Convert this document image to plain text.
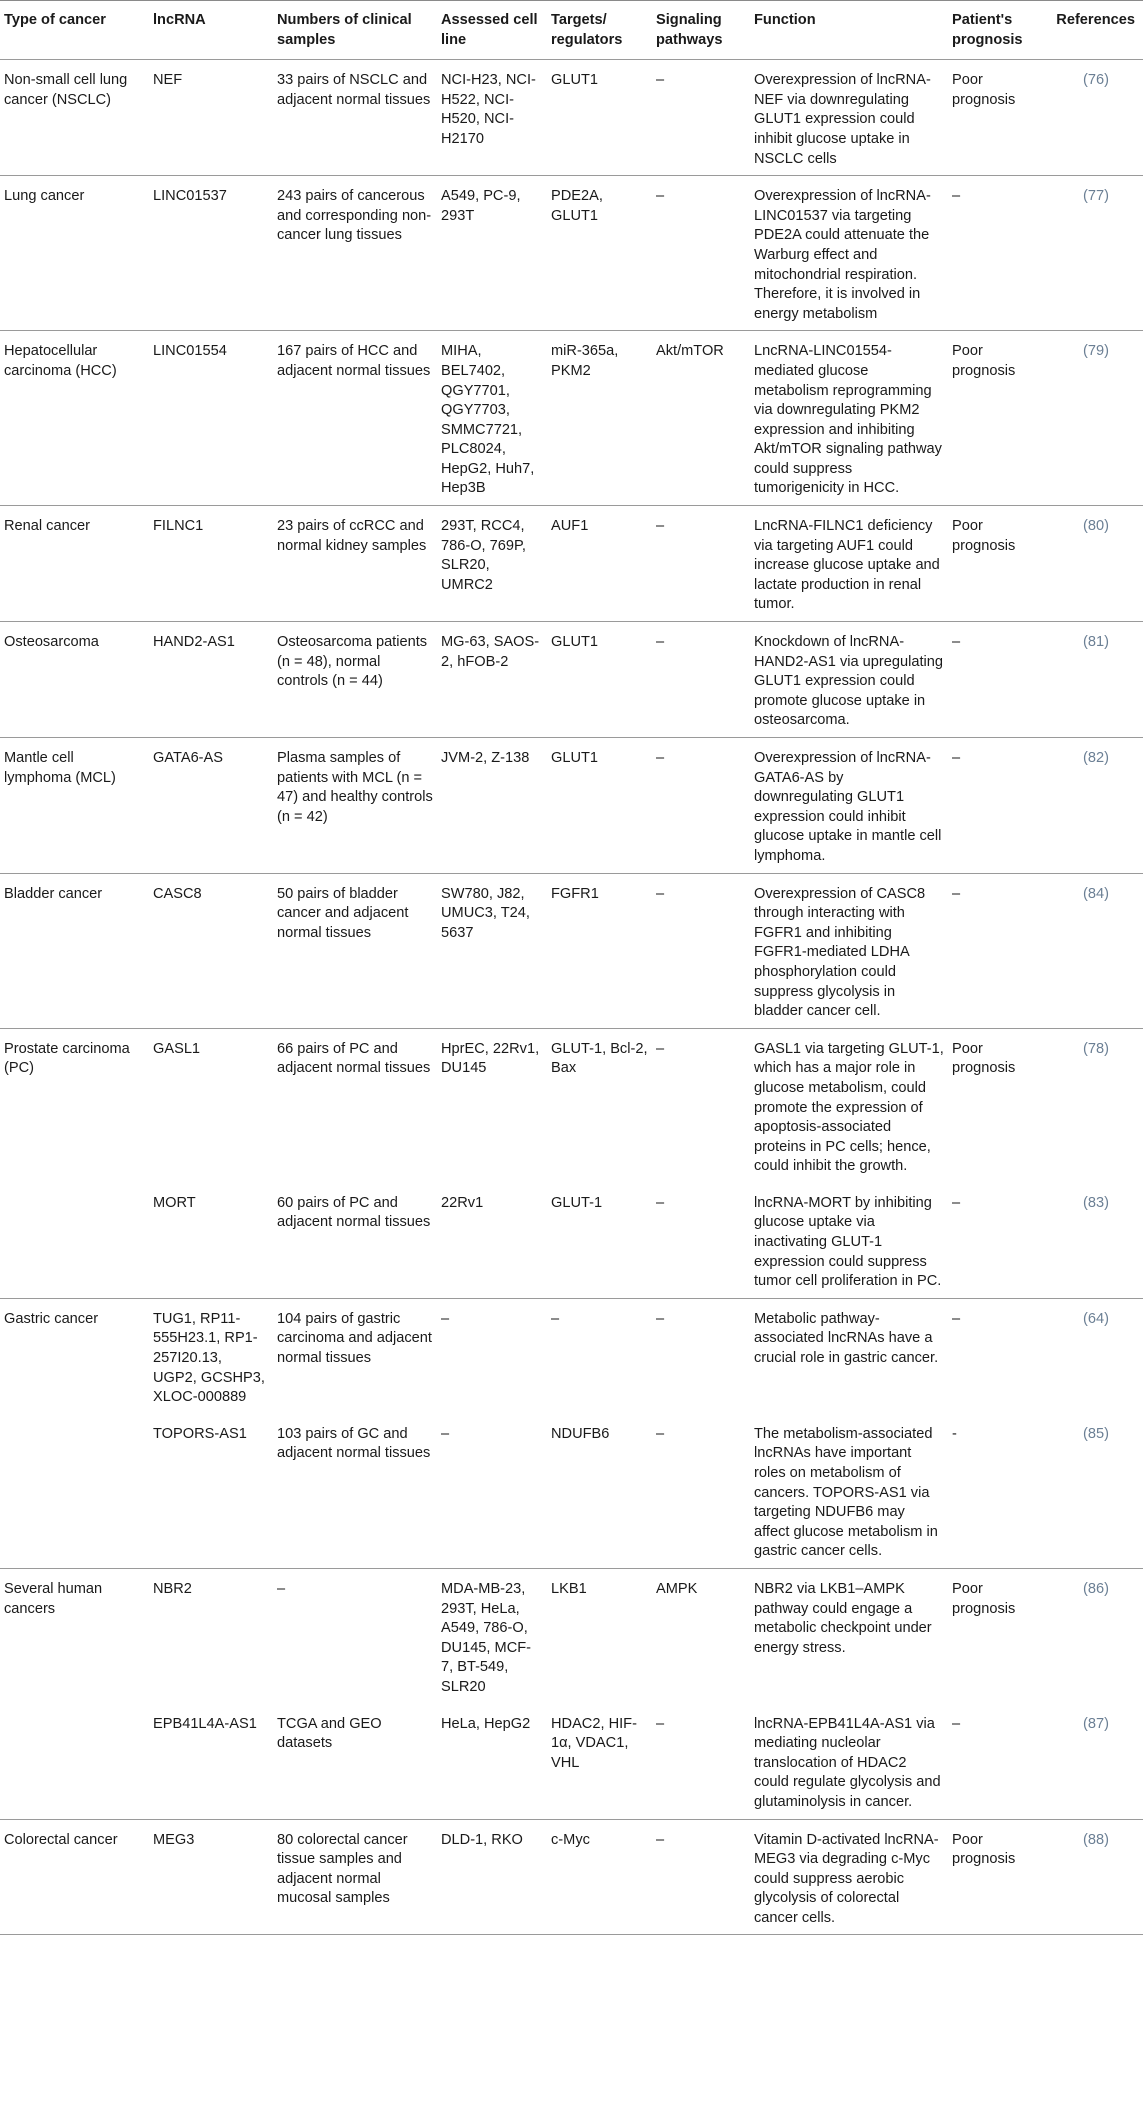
Type of cancer	lncRNA	Numbers of clinical samples	Assessed cell line	Targets/ regulators	Signaling pathways	Function	Patient's prognosis	References
Non-small cell lung cancer (NSCLC)	NEF	33 pairs of NSCLC and adjacent normal tissues	NCI-H23, NCI-H522, NCI-H520, NCI-H2170	GLUT1	–	Overexpression of lncRNA-NEF via downregulating GLUT1 expression could inhibit glucose uptake in NSCLC cells	Poor prognosis	(76)
Lung cancer	LINC01537	243 pairs of cancerous and corresponding non-cancer lung tissues	A549, PC-9, 293T	PDE2A, GLUT1	–	Overexpression of lncRNA-LINC01537 via targeting PDE2A could attenuate the Warburg effect and mitochondrial respiration. Therefore, it is involved in energy metabolism	–	(77)
Hepatocellular carcinoma (HCC)	LINC01554	167 pairs of HCC and adjacent normal tissues	MIHA, BEL7402, QGY7701, QGY7703, SMMC7721, PLC8024, HepG2, Huh7, Hep3B	miR-365a, PKM2	Akt/mTOR	LncRNA-LINC01554-mediated glucose metabolism reprogramming via downregulating PKM2 expression and inhibiting Akt/mTOR signaling pathway could suppress tumorigenicity in HCC.	Poor prognosis	(79)
Renal cancer	FILNC1	23 pairs of ccRCC and normal kidney samples	293T, RCC4, 786-O, 769P, SLR20, UMRC2	AUF1	–	LncRNA-FILNC1 deficiency via targeting AUF1 could increase glucose uptake and lactate production in renal tumor.	Poor prognosis	(80)
Osteosarcoma	HAND2-AS1	Osteosarcoma patients (n = 48), normal controls (n = 44)	MG-63, SAOS-2, hFOB-2	GLUT1	–	Knockdown of lncRNA-HAND2-AS1 via upregulating GLUT1 expression could promote glucose uptake in osteosarcoma.	–	(81)
Mantle cell lymphoma (MCL)	GATA6-AS	Plasma samples of patients with MCL (n = 47) and healthy controls (n = 42)	JVM-2, Z-138	GLUT1	–	Overexpression of lncRNA-GATA6-AS by downregulating GLUT1 expression could inhibit glucose uptake in mantle cell lymphoma.	–	(82)
Bladder cancer	CASC8	50 pairs of bladder cancer and adjacent normal tissues	SW780, J82, UMUC3, T24, 5637	FGFR1	–	Overexpression of CASC8 through interacting with FGFR1 and inhibiting FGFR1-mediated LDHA phosphorylation could suppress glycolysis in bladder cancer cell.	–	(84)
Prostate carcinoma (PC)	GASL1	66 pairs of PC and adjacent normal tissues	HprEC, 22Rv1, DU145	GLUT-1, Bcl-2, Bax	–	GASL1 via targeting GLUT-1, which has a major role in glucose metabolism, could promote the expression of apoptosis-associated proteins in PC cells; hence, could inhibit the growth.	Poor prognosis	(78)
	MORT	60 pairs of PC and adjacent normal tissues	22Rv1	GLUT-1	–	lncRNA-MORT by inhibiting glucose uptake via inactivating GLUT-1 expression could suppress tumor cell proliferation in PC.	–	(83)
Gastric cancer	TUG1, RP11-555H23.1, RP1-257I20.13, UGP2, GCSHP3, XLOC-000889	104 pairs of gastric carcinoma and adjacent normal tissues	–	–	–	Metabolic pathway-associated lncRNAs have a crucial role in gastric cancer.	–	(64)
	TOPORS-AS1	103 pairs of GC and adjacent normal tissues	–	NDUFB6	–	The metabolism-associated lncRNAs have important roles on metabolism of cancers. TOPORS-AS1 via targeting NDUFB6 may affect glucose metabolism in gastric cancer cells.	-	(85)
Several human cancers	NBR2	–	MDA-MB-23, 293T, HeLa, A549, 786-O, DU145, MCF-7, BT-549, SLR20	LKB1	AMPK	NBR2 via LKB1–AMPK pathway could engage a metabolic checkpoint under energy stress.	Poor prognosis	(86)
	EPB41L4A-AS1	TCGA and GEO datasets	HeLa, HepG2	HDAC2, HIF-1α, VDAC1, VHL	–	lncRNA-EPB41L4A-AS1 via mediating nucleolar translocation of HDAC2 could regulate glycolysis and glutaminolysis in cancer.	–	(87)
Colorectal cancer	MEG3	80 colorectal cancer tissue samples and adjacent normal mucosal samples	DLD-1, RKO	c-Myc	–	Vitamin D-activated lncRNA-MEG3 via degrading c-Myc could suppress aerobic glycolysis of colorectal cancer cells.	Poor prognosis	(88)
